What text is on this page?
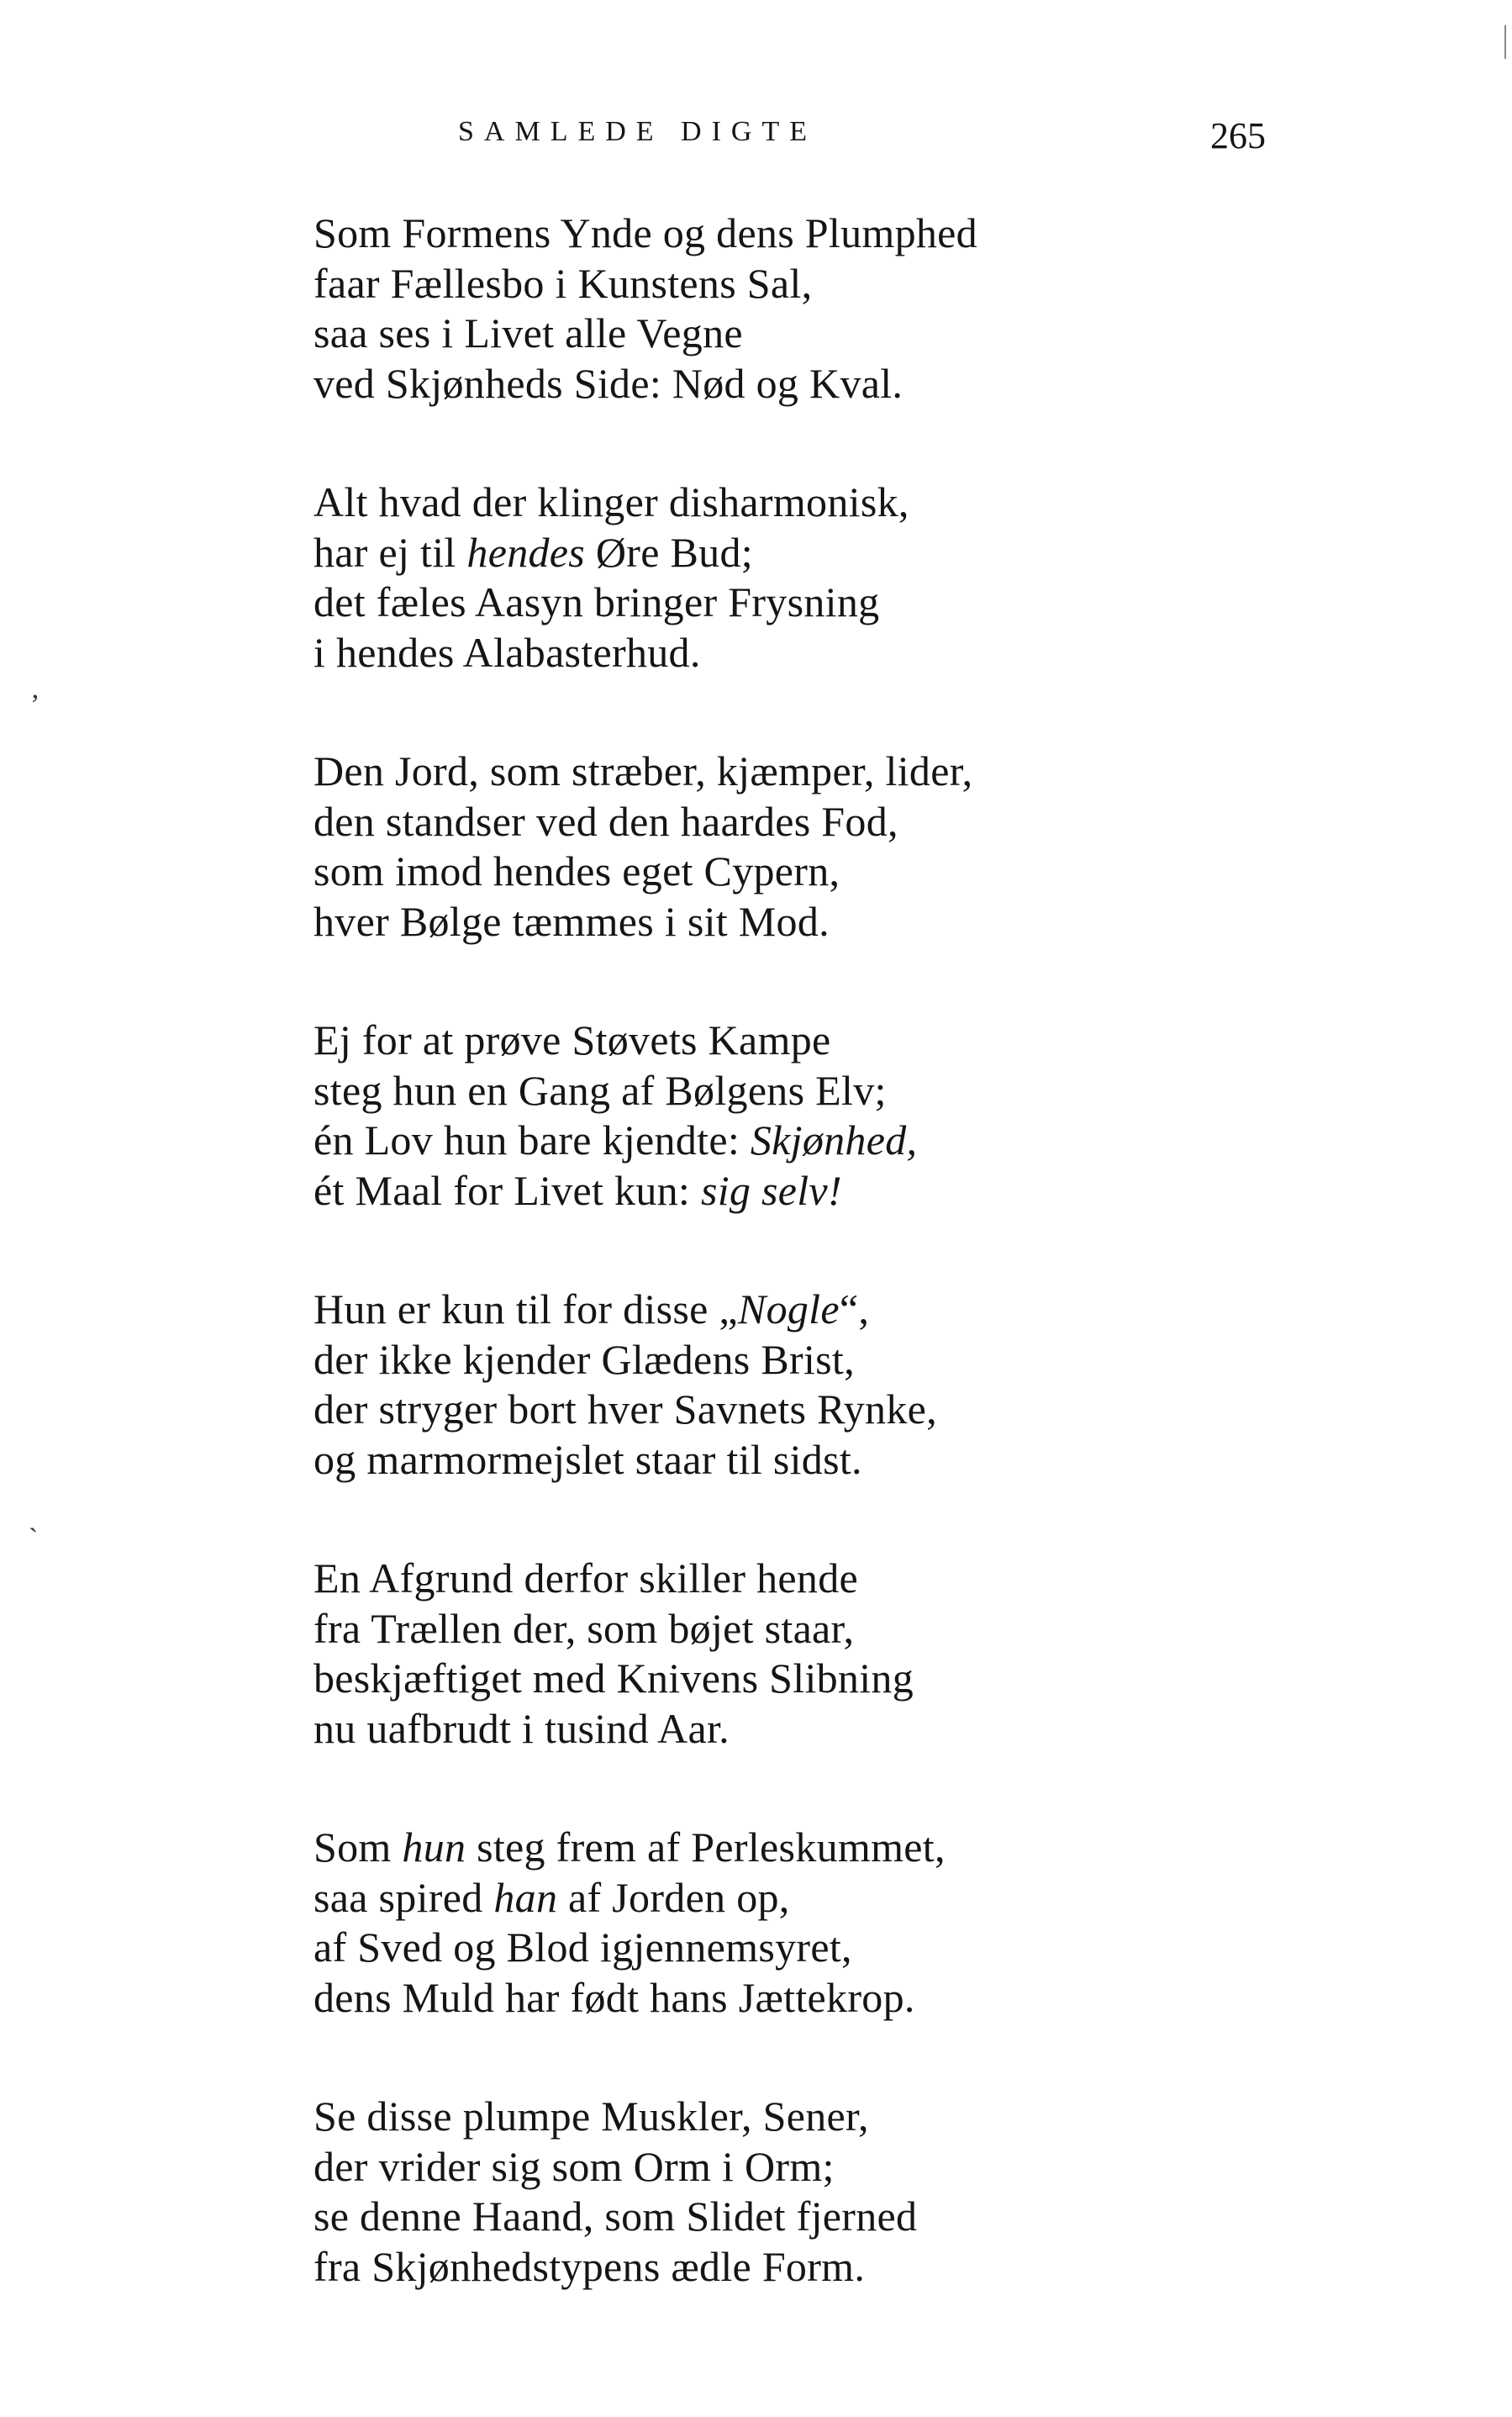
SAMLEDE DIGTE	265
Som Formens Ynde og dens Plumphed
faar Fællesbo i Kunstens Sal,
saa ses i Livet alle Vegne
ved Skjønheds Side: Nød og Kval.
Alt hvad der klinger disharmonisk,
har ej til hendes Øre Bud;
det fæles Aasyn bringer Frysning
i hendes Alabasterhud.
Den Jord, som stræber, kjæmper, lider,
den standser ved den haardes Fod,
som imod hendes eget Cypern,
hver Bølge tæmmes i sit Mod.
Ej for at prøve Støvets Kampe
steg hun en Gang af Bølgens Elv;
én Lov hun bare kjendte: Skjønhed,
ét Maal for Livet kun: sig selv!
Hun er kun til for disse „Nogle“,
der ikke kjender Glædens Brist,
der stryger bort hver Savnets Rynke,
og marmormejslet staar til sidst.
En Afgrund derfor skiller hende
fra Trællen der, som bøjet staar,
beskjæftiget med Knivens Slibning
nu uafbrudt i tusind Aar.
Som hun steg frem af Perleskummet,
saa spired han af Jorden op,
af Sved og Blod igjennemsyret,
dens Muld har født hans Jættekrop.
Se disse plumpe Muskler, Sener,
der vrider sig som Orm i Orm;
se denne Haand, som Slidet fjerned
fra Skjønhedstypens ædle Form.
ʼ
ˋ
